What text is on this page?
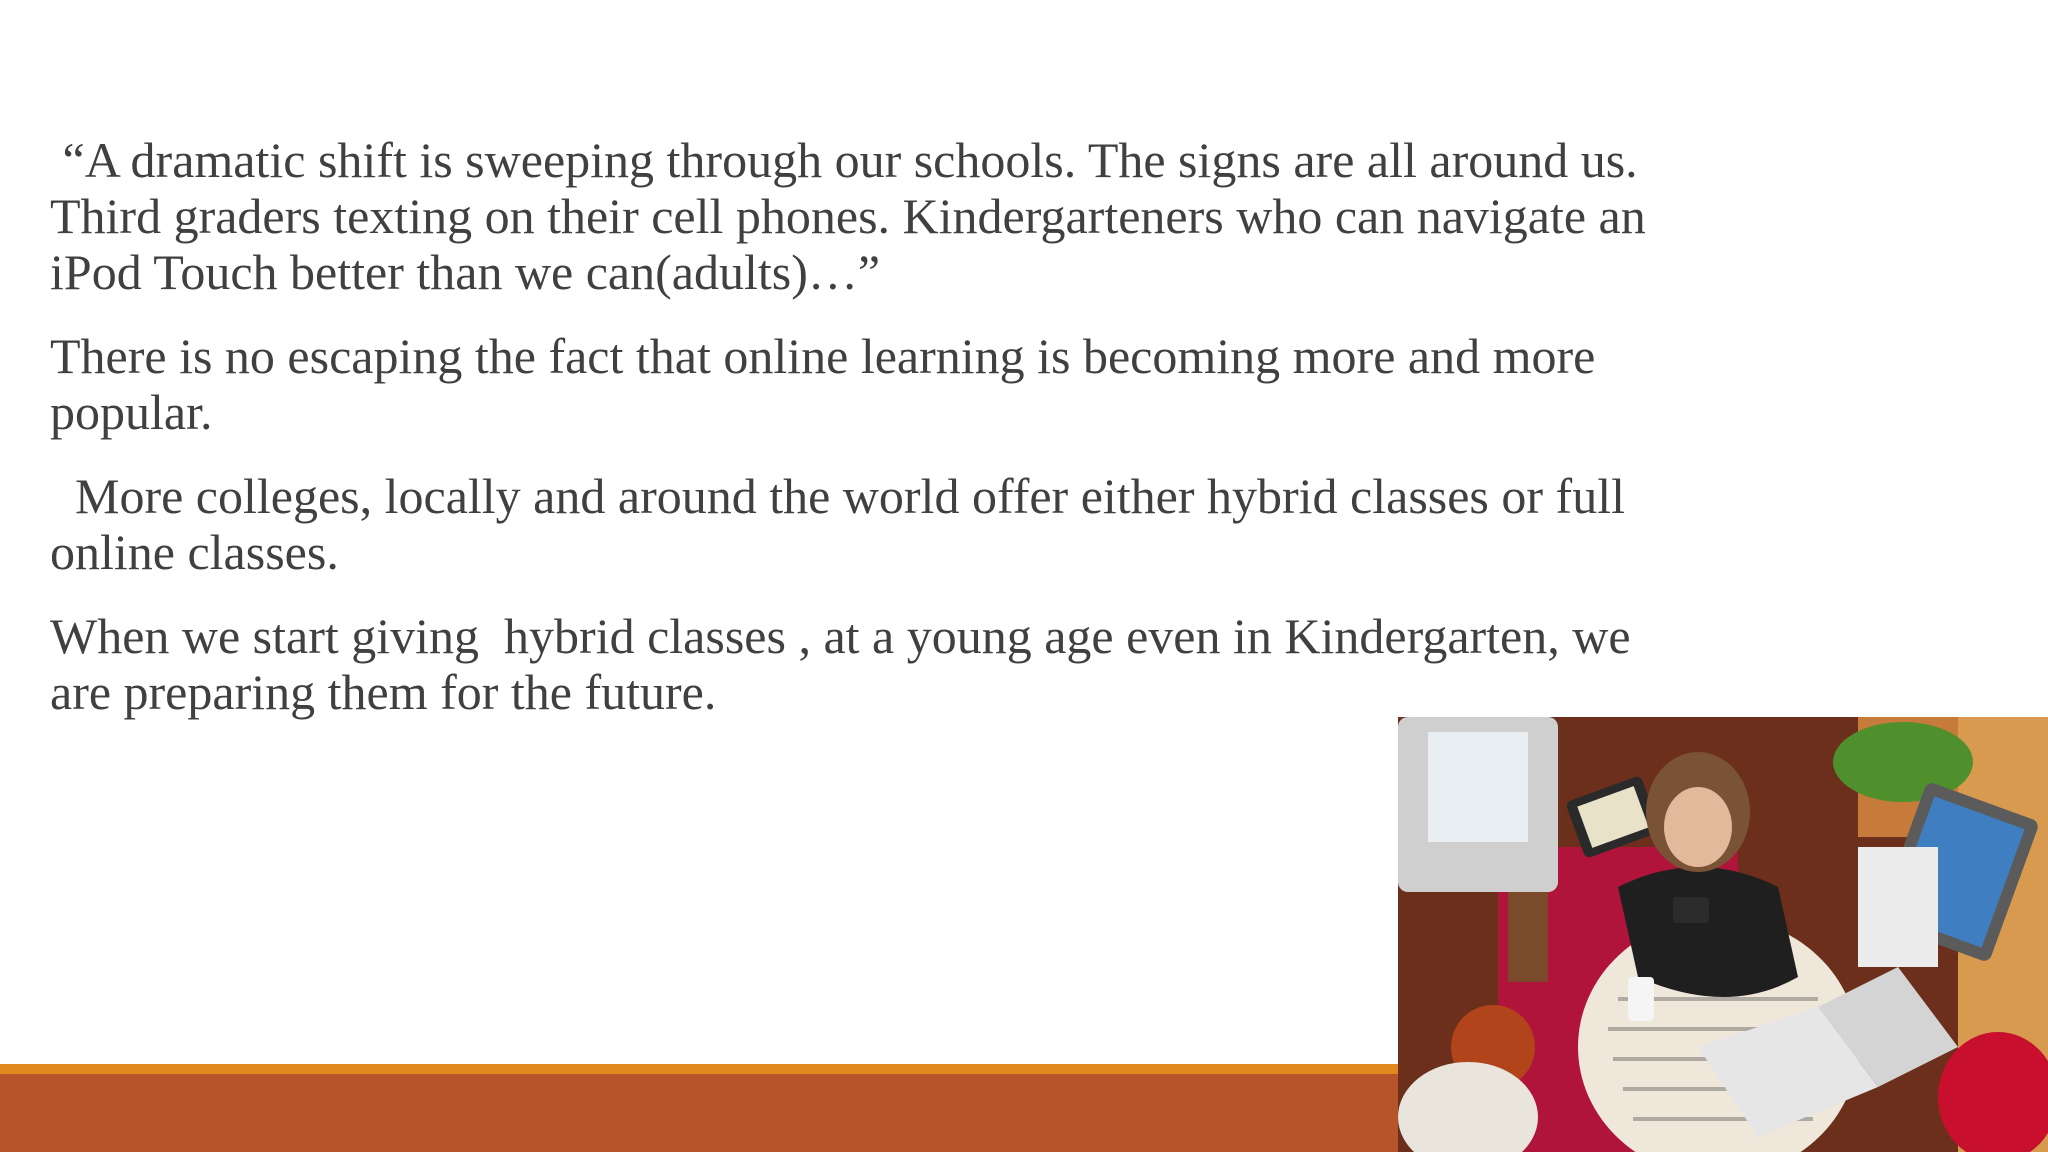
“A dramatic shift is sweeping through our schools. The signs are all around us. Third graders texting on their cell phones. Kindergarteners who can navigate an iPod Touch better than we can(adults)…”

There is no escaping the fact that online learning is becoming more and more popular.

More colleges, locally and around the world offer either hybrid classes or full online classes.

When we start giving  hybrid classes , at a young age even in Kindergarten, we are preparing them for the future.
